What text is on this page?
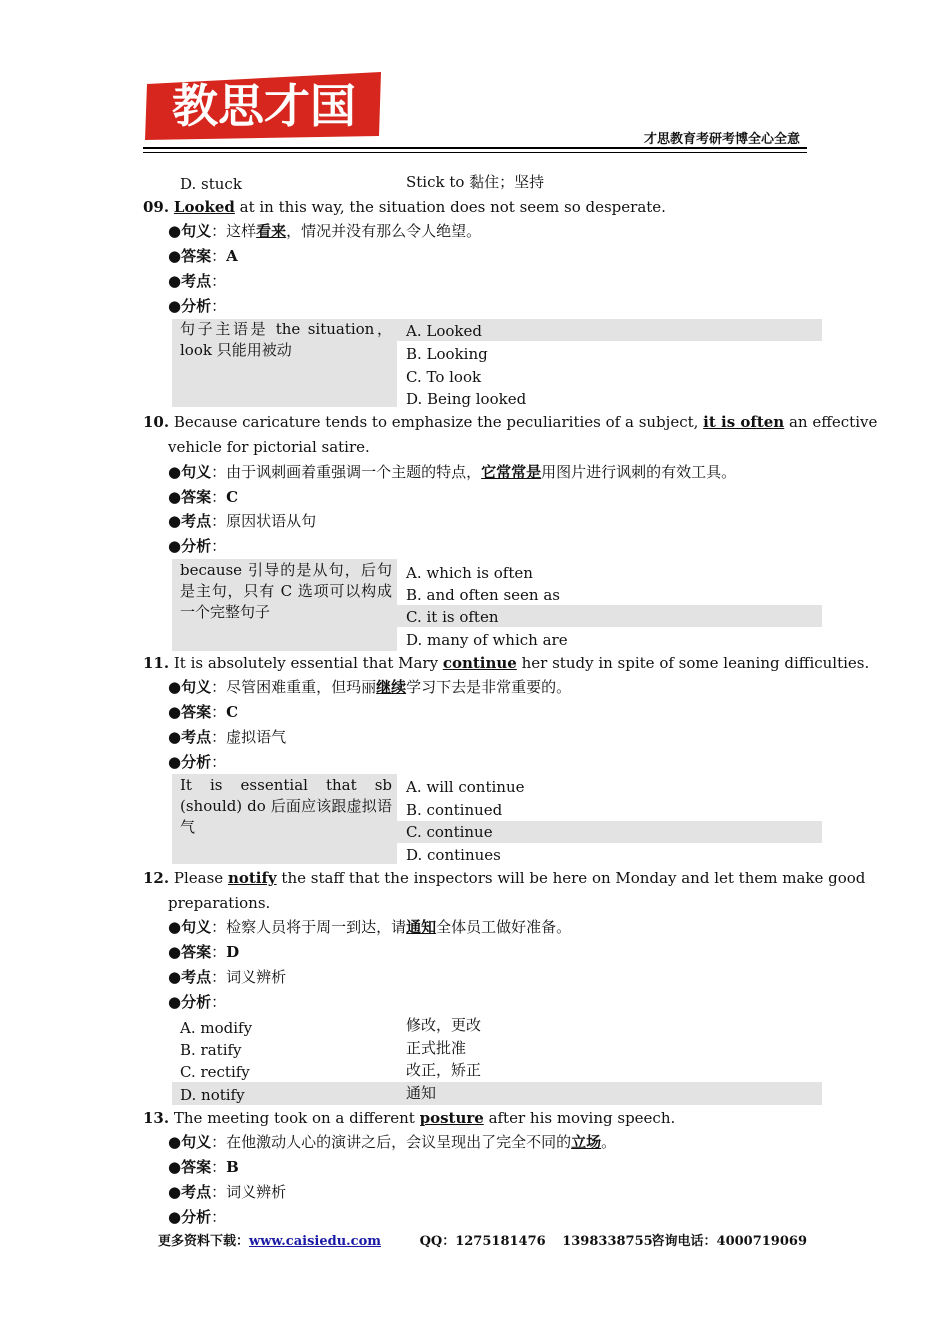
教思才国
才思教育考研考博全心全意
D. stuck	Stick to 黏住；坚持
09. Looked at in this way, the situation does not seem so desperate.
●句义：这样看来，情况并没有那么令人绝望。
●答案：A
●考点：
●分析：
句子主语是 the situation，look 只能用被动
A. Looked
B. Looking
C. To look
D. Being looked
10. Because caricature tends to emphasize the peculiarities of a subject, it is often an effective
vehicle for pictorial satire.
●句义：由于讽刺画着重强调一个主题的特点，它常常是用图片进行讽刺的有效工具。
●答案：C
●考点：原因状语从句
●分析：
because 引导的是从句，后句是主句，只有 C 选项可以构成一个完整句子
A. which is often
B. and often seen as
C. it is often
D. many of which are
11. It is absolutely essential that Mary continue her study in spite of some leaning difficulties.
●句义：尽管困难重重，但玛丽继续学习下去是非常重要的。
●答案：C
●考点：虚拟语气
●分析：
It is essential that sb (should) do 后面应该跟虚拟语气
A. will continue
B. continued
C. continue
D. continues
12. Please notify the staff that the inspectors will be here on Monday and let them make good
preparations.
●句义：检察人员将于周一到达，请通知全体员工做好准备。
●答案：D
●考点：词义辨析
●分析：
A. modify	修改，更改
B. ratify	正式批准
C. rectify	改正，矫正
D. notify	通知
13. The meeting took on a different posture after his moving speech.
●句义：在他激动人心的演讲之后，会议呈现出了完全不同的立场。
●答案：B
●考点：词义辨析
●分析：
更多资料下载：www.caisiedu.com	QQ：1275181476 1398338755
咨询电话：4000719069
